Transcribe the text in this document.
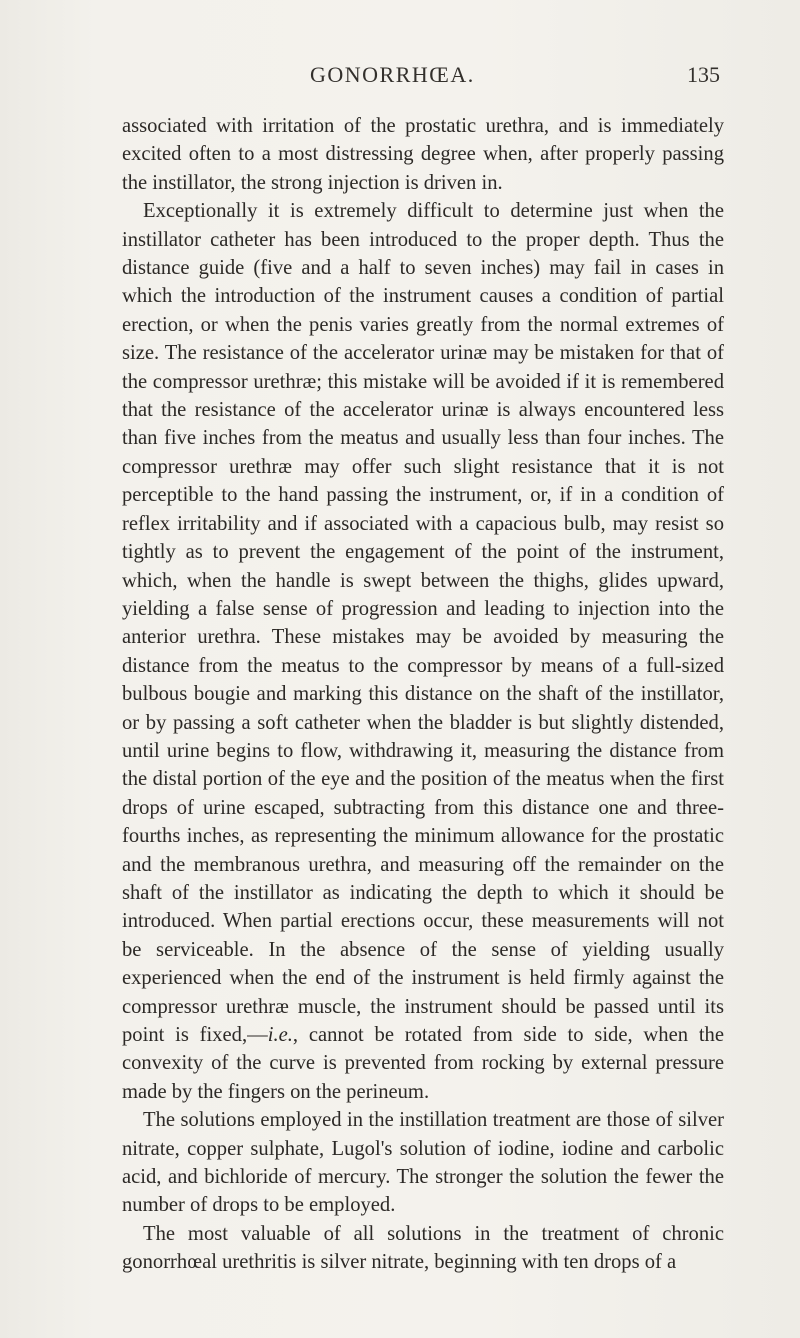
GONORRHŒA.	135

associated with irritation of the prostatic urethra, and is immediately excited often to a most distressing degree when, after properly passing the instillator, the strong injection is driven in.

Exceptionally it is extremely difficult to determine just when the instillator catheter has been introduced to the proper depth. Thus the distance guide (five and a half to seven inches) may fail in cases in which the introduction of the instrument causes a condition of partial erection, or when the penis varies greatly from the normal extremes of size. The resistance of the accelerator urinæ may be mistaken for that of the compressor urethræ; this mistake will be avoided if it is remembered that the resistance of the accelerator urinæ is always encountered less than five inches from the meatus and usually less than four inches. The compressor urethræ may offer such slight resistance that it is not perceptible to the hand passing the instrument, or, if in a condition of reflex irritability and if associated with a capacious bulb, may resist so tightly as to prevent the engagement of the point of the instrument, which, when the handle is swept between the thighs, glides upward, yielding a false sense of progression and leading to injection into the anterior urethra. These mistakes may be avoided by measuring the distance from the meatus to the compressor by means of a full-sized bulbous bougie and marking this distance on the shaft of the instillator, or by passing a soft catheter when the bladder is but slightly distended, until urine begins to flow, withdrawing it, measuring the distance from the distal portion of the eye and the position of the meatus when the first drops of urine escaped, subtracting from this distance one and three-fourths inches, as representing the minimum allowance for the prostatic and the membranous urethra, and measuring off the remainder on the shaft of the instillator as indicating the depth to which it should be introduced. When partial erections occur, these measurements will not be serviceable. In the absence of the sense of yielding usually experienced when the end of the instrument is held firmly against the compressor urethræ muscle, the instrument should be passed until its point is fixed,—i.e., cannot be rotated from side to side, when the convexity of the curve is prevented from rocking by external pressure made by the fingers on the perineum.

The solutions employed in the instillation treatment are those of silver nitrate, copper sulphate, Lugol's solution of iodine, iodine and carbolic acid, and bichloride of mercury. The stronger the solution the fewer the number of drops to be employed.

The most valuable of all solutions in the treatment of chronic gonorrhœal urethritis is silver nitrate, beginning with ten drops of a
